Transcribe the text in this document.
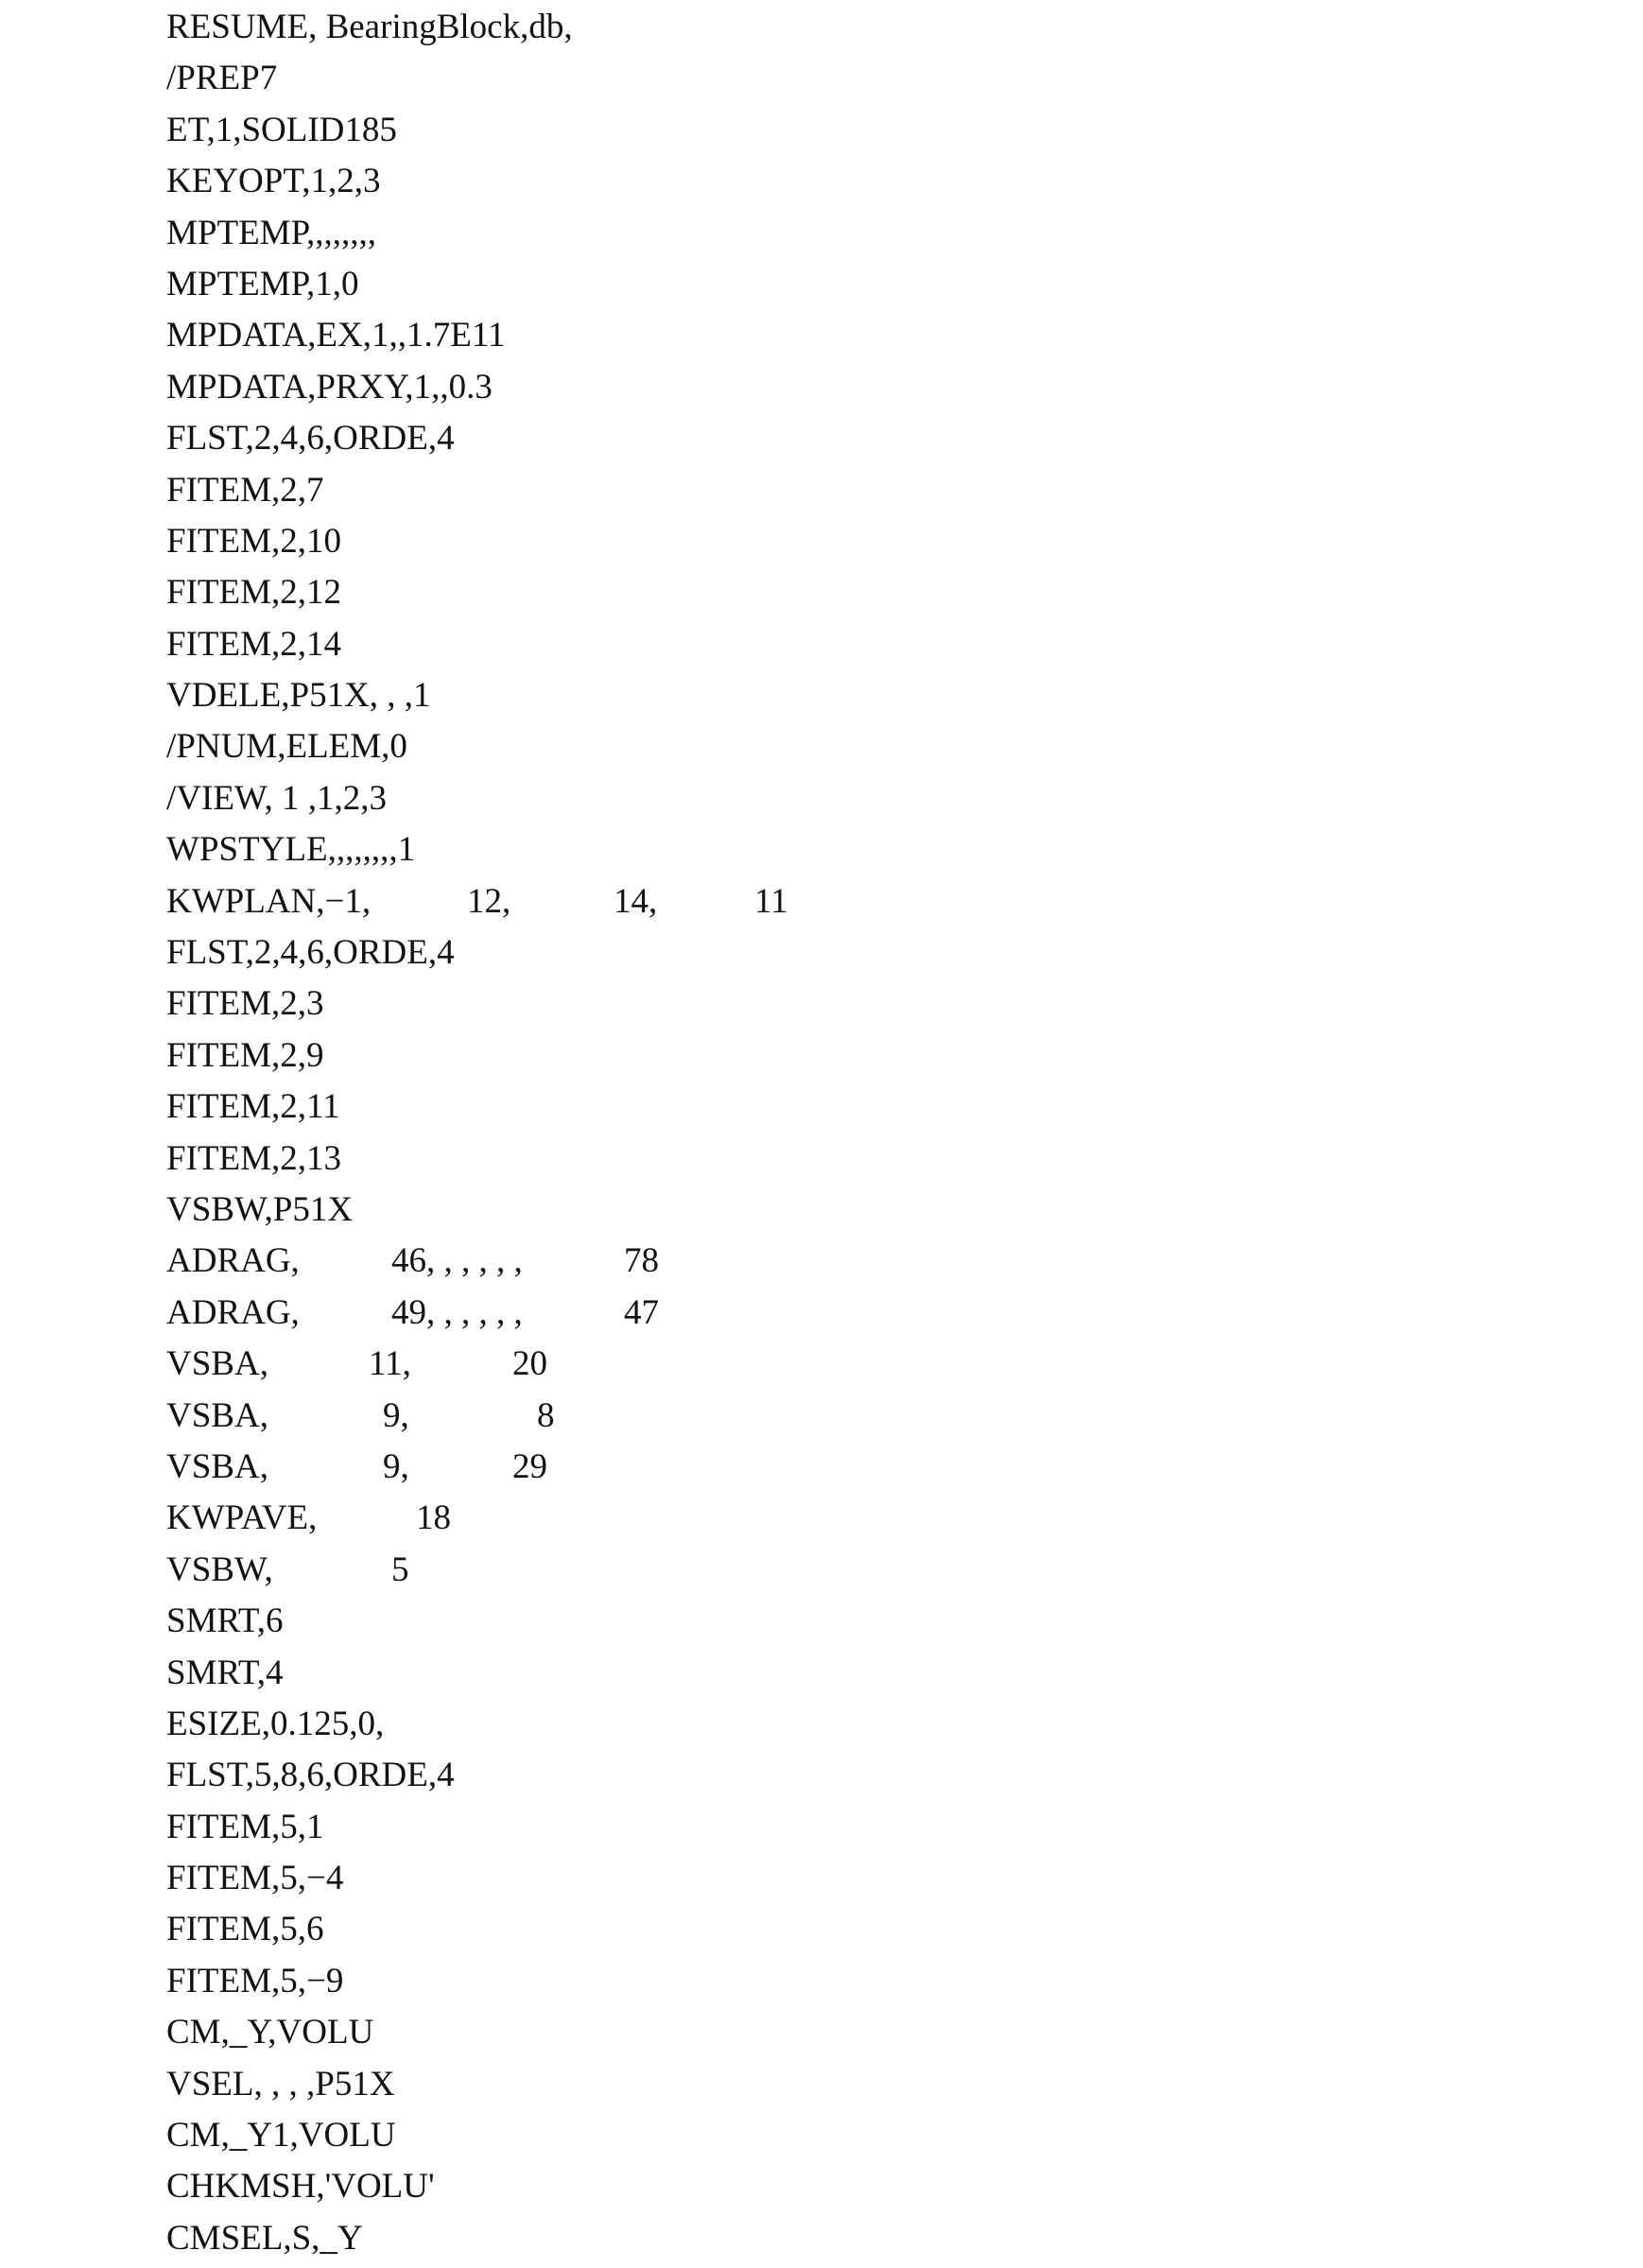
RESUME, BearingBlock,db,
/PREP7
ET,1,SOLID185
KEYOPT,1,2,3
MPTEMP,,,,,,,,
MPTEMP,1,0
MPDATA,EX,1,,1.7E11
MPDATA,PRXY,1,,0.3
FLST,2,4,6,ORDE,4
FITEM,2,7
FITEM,2,10
FITEM,2,12
FITEM,2,14
VDELE,P51X, , ,1
/PNUM,ELEM,0
/VIEW, 1 ,1,2,3
WPSTYLE,,,,,,,,1
KWPLAN,−1,	12,	14,	11
FLST,2,4,6,ORDE,4
FITEM,2,3
FITEM,2,9
FITEM,2,11
FITEM,2,13
VSBW,P51X
ADRAG,	46, , , , , ,	78
ADRAG,	49, , , , , ,	47
VSBA,	11,	20
VSBA,	9,	8
VSBA,	9,	29
KWPAVE,	18
VSBW,	5
SMRT,6
SMRT,4
ESIZE,0.125,0,
FLST,5,8,6,ORDE,4
FITEM,5,1
FITEM,5,−4
FITEM,5,6
FITEM,5,−9
CM,_Y,VOLU
VSEL, , , ,P51X
CM,_Y1,VOLU
CHKMSH,'VOLU'
CMSEL,S,_Y
